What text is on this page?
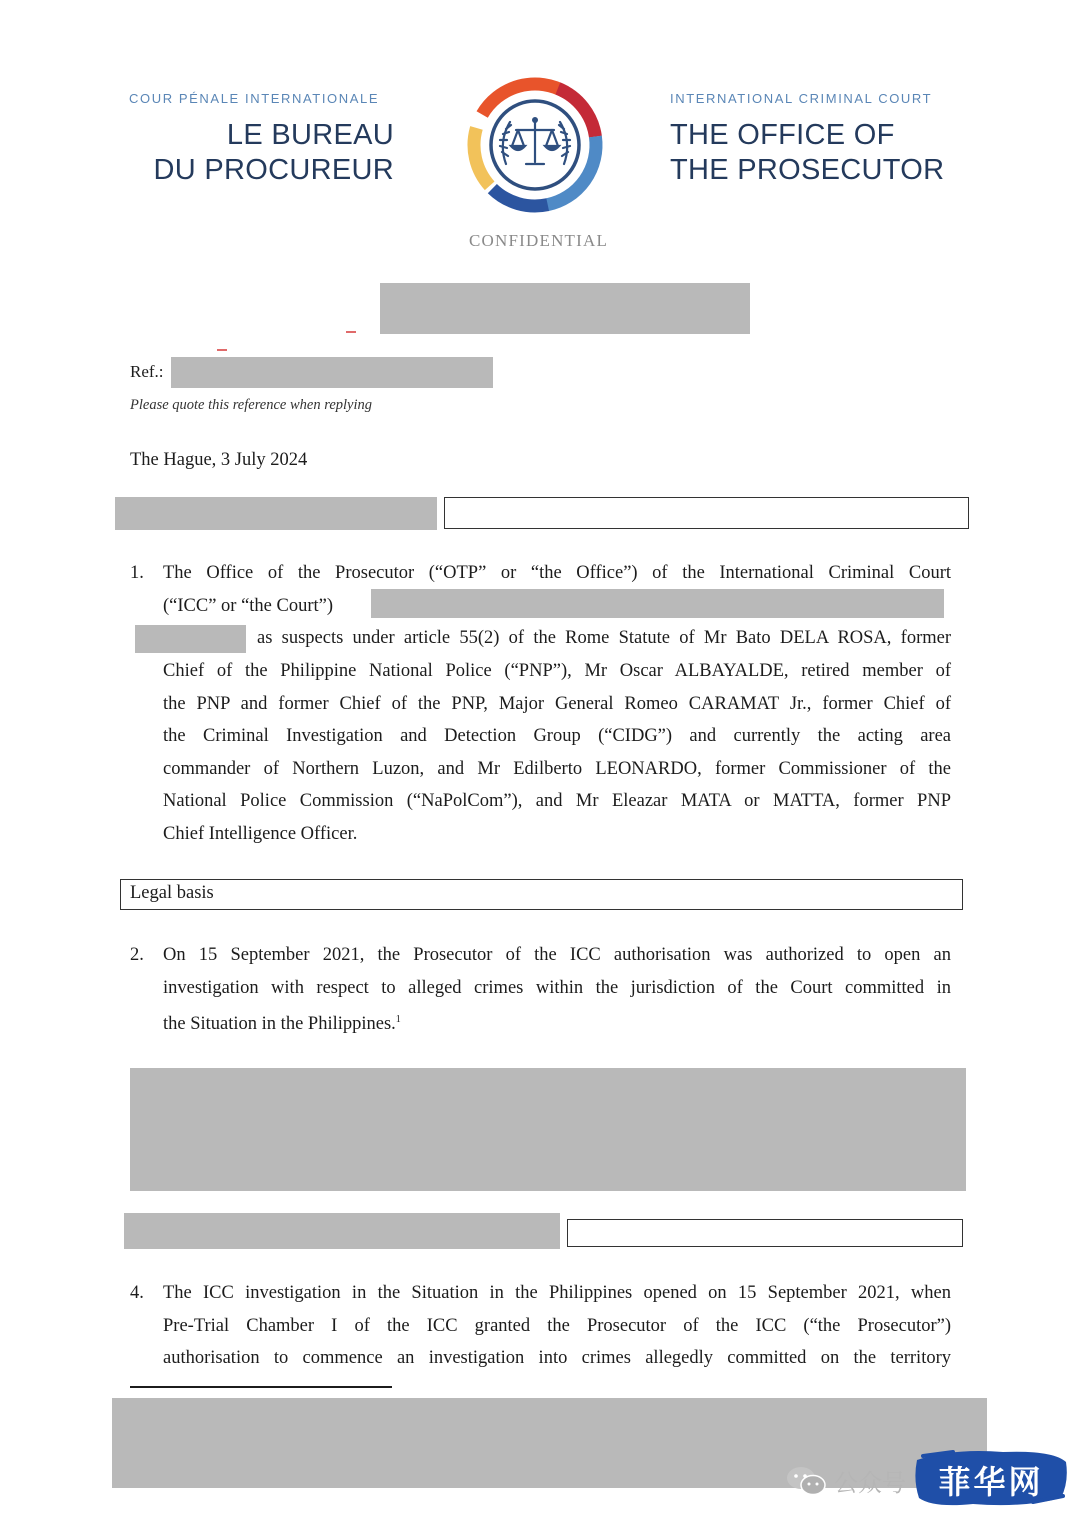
COUR PÉNALE INTERNATIONALE
LE BUREAU
DU PROCUREUR
INTERNATIONAL CRIMINAL COURT
THE OFFICE OF
THE PROSECUTOR
CONFIDENTIAL
Ref.:
Please quote this reference when replying
The Hague, 3 July 2024
1. The Office of the Prosecutor (“OTP” or “the Office”) of the International Criminal Court
(“ICC” or “the Court”)
as suspects under article 55(2) of the Rome Statute of Mr Bato DELA ROSA, former
Chief of the Philippine National Police (“PNP”), Mr Oscar ALBAYALDE, retired member of
the PNP and former Chief of the PNP, Major General Romeo CARAMAT Jr., former Chief of
the Criminal Investigation and Detection Group (“CIDG”) and currently the acting area
commander of Northern Luzon, and Mr Edilberto LEONARDO, former Commissioner of the
National Police Commission (“NaPolCom”), and Mr Eleazar MATA or MATTA, former PNP
Chief Intelligence Officer.
Legal basis
2. On 15 September 2021, the Prosecutor of the ICC authorisation was authorized to open an
investigation with respect to alleged crimes within the jurisdiction of the Court committed in
the Situation in the Philippines.$^1$
4. The ICC investigation in the Situation in the Philippines opened on 15 September 2021, when
Pre-Trial Chamber I of the ICC granted the Prosecutor of the ICC (“the Prosecutor”)
authorisation to commence an investigation into crimes allegedly committed on the territory
公众号	菲华网
